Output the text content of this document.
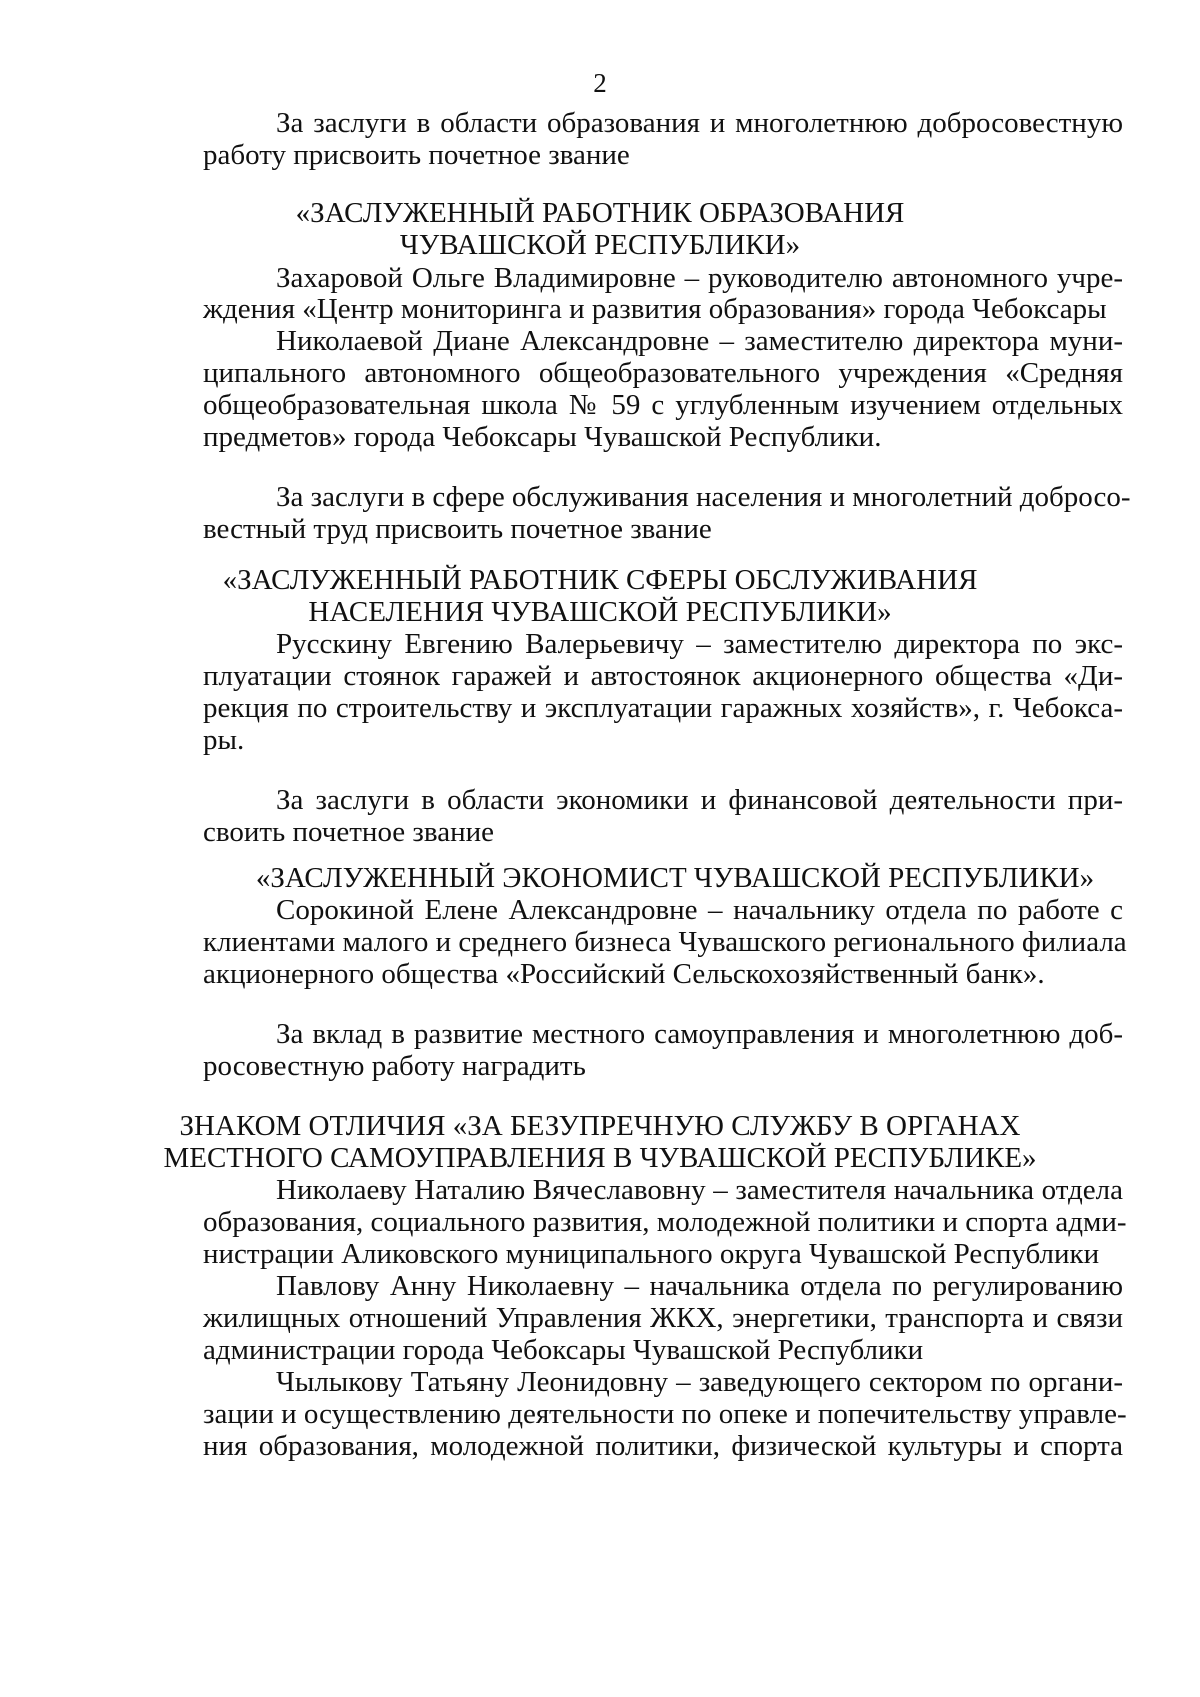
2
За заслуги в области образования и многолетнюю добросовестную
работу присвоить почетное звание
«ЗАСЛУЖЕННЫЙ РАБОТНИК ОБРАЗОВАНИЯ
ЧУВАШСКОЙ РЕСПУБЛИКИ»
Захаровой Ольге Владимировне – руководителю автономного учре-
ждения «Центр мониторинга и развития образования» города Чебоксары
Николаевой Диане Александровне – заместителю директора муни-
ципального автономного общеобразовательного учреждения «Средняя
общеобразовательная школа № 59 с углубленным изучением отдельных
предметов» города Чебоксары Чувашской Республики.
За заслуги в сфере обслуживания населения и многолетний добросо-
вестный труд присвоить почетное звание
«ЗАСЛУЖЕННЫЙ РАБОТНИК СФЕРЫ ОБСЛУЖИВАНИЯ
НАСЕЛЕНИЯ ЧУВАШСКОЙ РЕСПУБЛИКИ»
Русскину Евгению Валерьевичу – заместителю директора по экс-
плуатации стоянок гаражей и автостоянок акционерного общества «Ди-
рекция по строительству и эксплуатации гаражных хозяйств», г. Чебокса-
ры.
За заслуги в области экономики и финансовой деятельности при-
своить почетное звание
«ЗАСЛУЖЕННЫЙ ЭКОНОМИСТ ЧУВАШСКОЙ РЕСПУБЛИКИ»
Сорокиной Елене Александровне – начальнику отдела по работе с
клиентами малого и среднего бизнеса Чувашского регионального филиала
акционерного общества «Российский Сельскохозяйственный банк».
За вклад в развитие местного самоуправления и многолетнюю доб-
росовестную работу наградить
ЗНАКОМ ОТЛИЧИЯ «ЗА БЕЗУПРЕЧНУЮ СЛУЖБУ В ОРГАНАХ
МЕСТНОГО САМОУПРАВЛЕНИЯ В ЧУВАШСКОЙ РЕСПУБЛИКЕ»
Николаеву Наталию Вячеславовну – заместителя начальника отдела
образования, социального развития, молодежной политики и спорта адми-
нистрации Аликовского муниципального округа Чувашской Республики
Павлову Анну Николаевну – начальника отдела по регулированию
жилищных отношений Управления ЖКХ, энергетики, транспорта и связи
администрации города Чебоксары Чувашской Республики
Чылыкову Татьяну Леонидовну – заведующего сектором по органи-
зации и осуществлению деятельности по опеке и попечительству управле-
ния образования, молодежной политики, физической культуры и спорта
